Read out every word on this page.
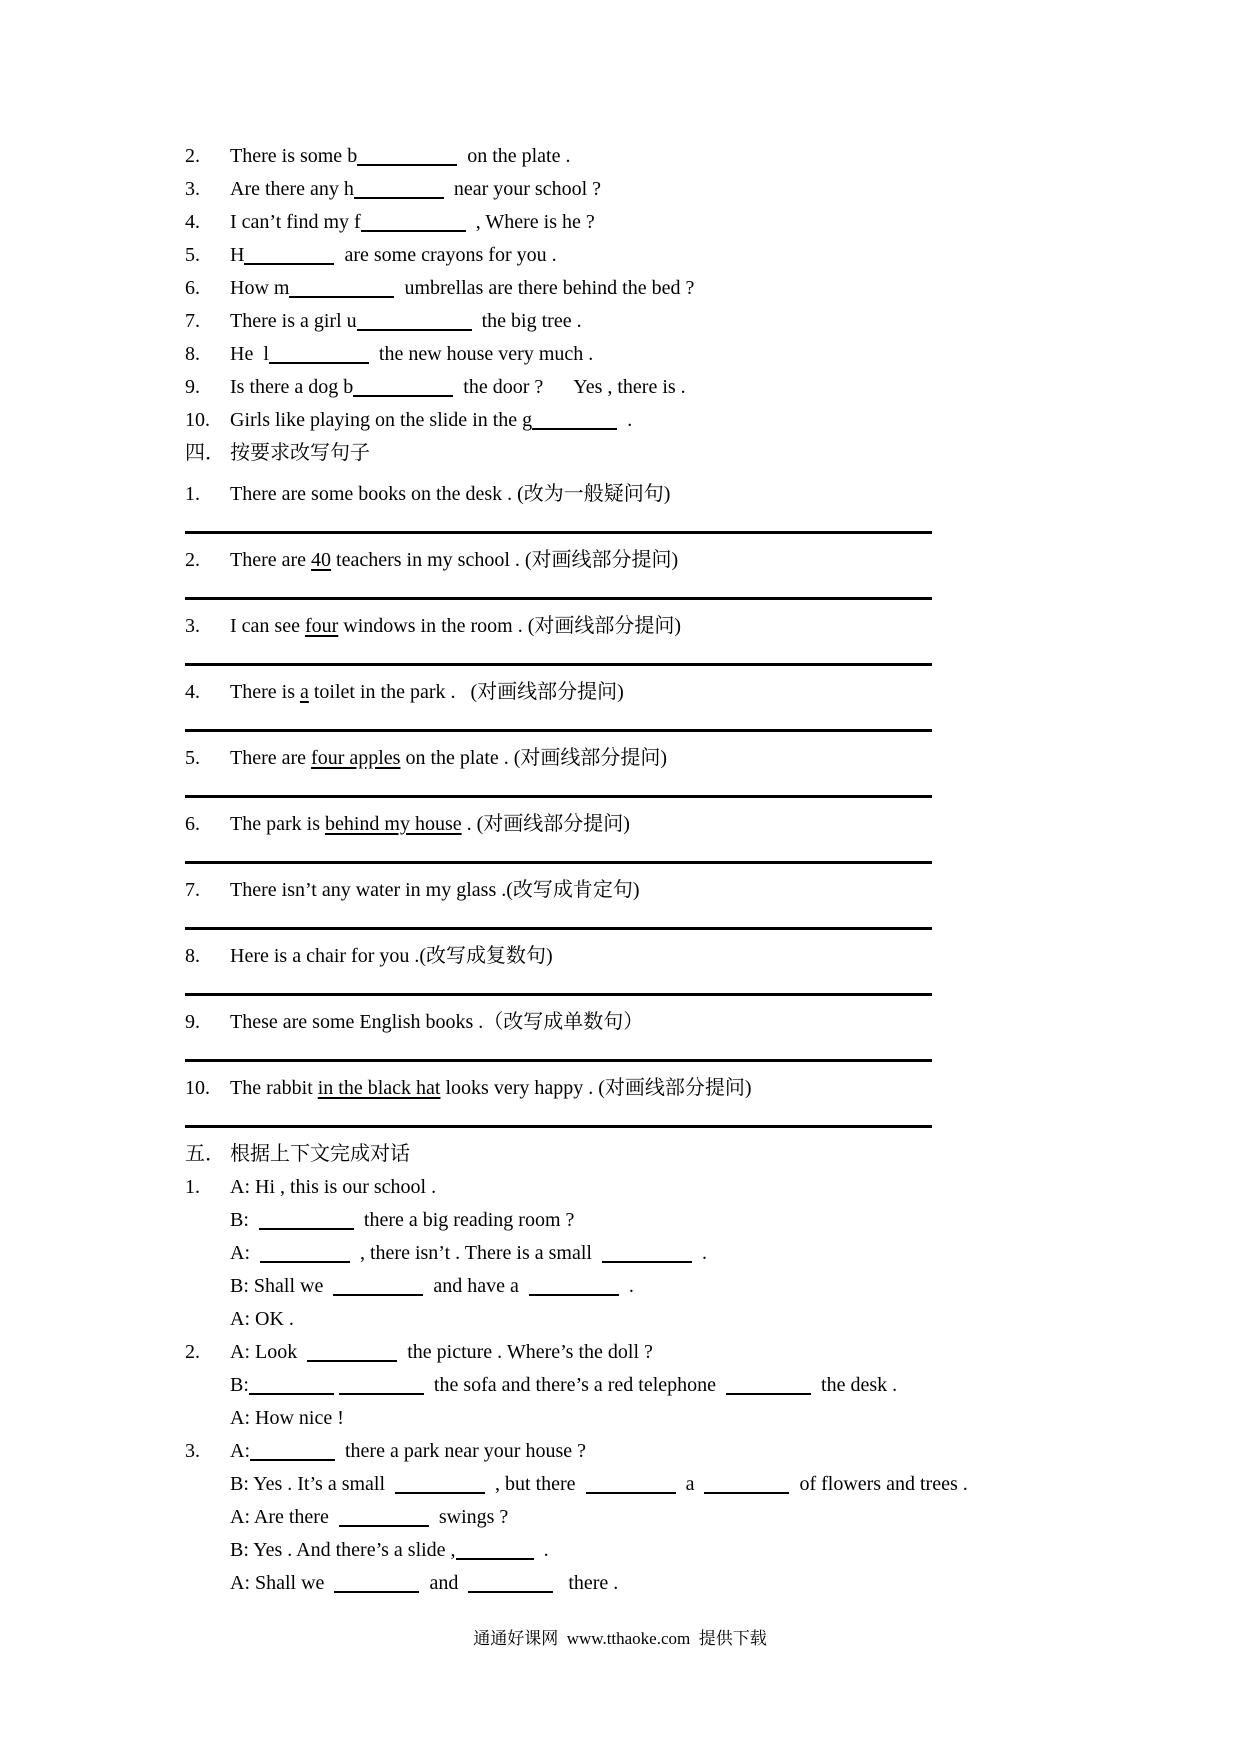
2. There is some b	on the plate .
3. Are there any h	near your school ?
4. I can’t find my f	, Where is he ?
5. H	are some crayons for you .
6. How m	umbrellas are there behind the bed ?
7. There is a girl u	the big tree .
8. He  l	the new house very much .
9. Is there a dog b	the door ?      Yes , there is .
10. Girls like playing on the slide in the g	.
四． 按要求改写句子
1. There are some books on the desk . (改为一般疑问句)
2. There are 40 teachers in my school . (对画线部分提问)
3. I can see four windows in the room . (对画线部分提问)
4. There is a toilet in the park .   (对画线部分提问)
5. There are four apples on the plate . (对画线部分提问)
6. The park is behind my house . (对画线部分提问)
7. There isn’t any water in my glass .(改写成肯定句)
8. Here is a chair for you .(改写成复数句)
9. These are some English books .（改写成单数句）
10. The rabbit in the black hat looks very happy . (对画线部分提问)
五． 根据上下文完成对话
1. A: Hi , this is our school .
B:	there a big reading room ?
A:	, there isn’t . There is a small	.
B: Shall we	and have a	.
A: OK .
2. A: Look	the picture . Where’s the doll ?
B:	the sofa and there’s a red telephone	the desk .
A: How nice !
3. A:	there a park near your house ?
B: Yes . It’s a small	, but there	a	of flowers and trees .
A: Are there	swings ?
B: Yes . And there’s a slide ,	.
A: Shall we	and	there .
通通好课网  www.tthaoke.com  提供下载
